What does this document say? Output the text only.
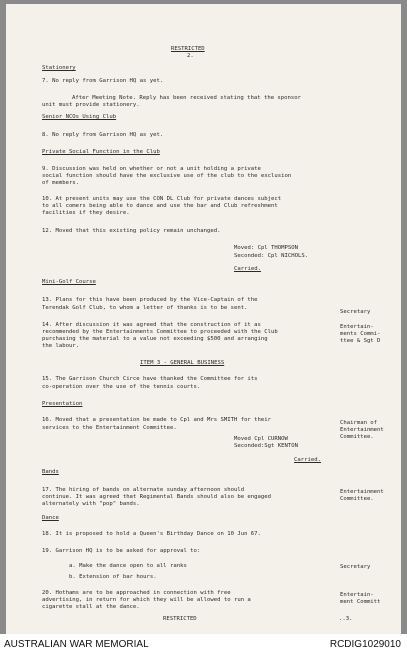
RESTRICTED
2.
Stationery
7. No reply from Garrison HQ as yet.
After Meeting Note. Reply has been received stating that the sponsor
unit must provide stationery.
Senior NCOs Using Club
8. No reply from Garrison HQ as yet.
Private Social Function in the Club
9. Discussion was held on whether or not a unit holding a private
social function should have the exclusive use of the club to the exclusion
of members.
10. At present units may use the CON DL Club for private dances subject
to all comers being able to dance and use the bar and Club refreshment
facilities if they desire.
12. Moved that this existing policy remain unchanged.
Moved: Cpl THOMPSON
Seconded: Cpl NICHOLS.
Carried.
Mini-Golf Course
13. Plans for this have been produced by the Vice-Captain of the
Terendak Golf Club, to whom a letter of thanks is to be sent.
Secretary
14. After discussion it was agreed that the construction of it as
recommended by the Entertainments Committee to proceeded with the Club
purchasing the material to a value not exceeding $500 and arranging
the labour.
Entertain-
ments Commi-
ttee & Sgt D
ITEM 3 - GENERAL BUSINESS
15. The Garrison Church Circe have thanked the Committee for its
co-operation over the use of the tennis courts.
Presentation
16. Moved that a presentation be made to Cpl and Mrs SMITH for their
services to the Entertainment Committee.
Moved Cpl CURNOW
Seconded:Sgt KENTON
Carried.
Chairman of
Entertainment
Committee.
Bands
17. The hiring of bands on alternate sunday afternoon should
continue. It was agreed that Regimental Bands should also be engaged
alternately with "pop" bands.
Entertainment
Committee.
Dance
18. It is proposed to hold a Queen's Birthday Dance on 10 Jun 67.
19. Garrison HQ is to be asked for approval to:
a. Make the dance open to all ranks
b. Extension of bar hours.
Secretary
20. Hothams are to be approached in connection with free
advertising, in return for which they will be allowed to run a
cigarette stall at the dance.
Entertain-
ment Committ
RESTRICTED	..3.
AUSTRALIAN WAR MEMORIAL	RCDIG1029010
